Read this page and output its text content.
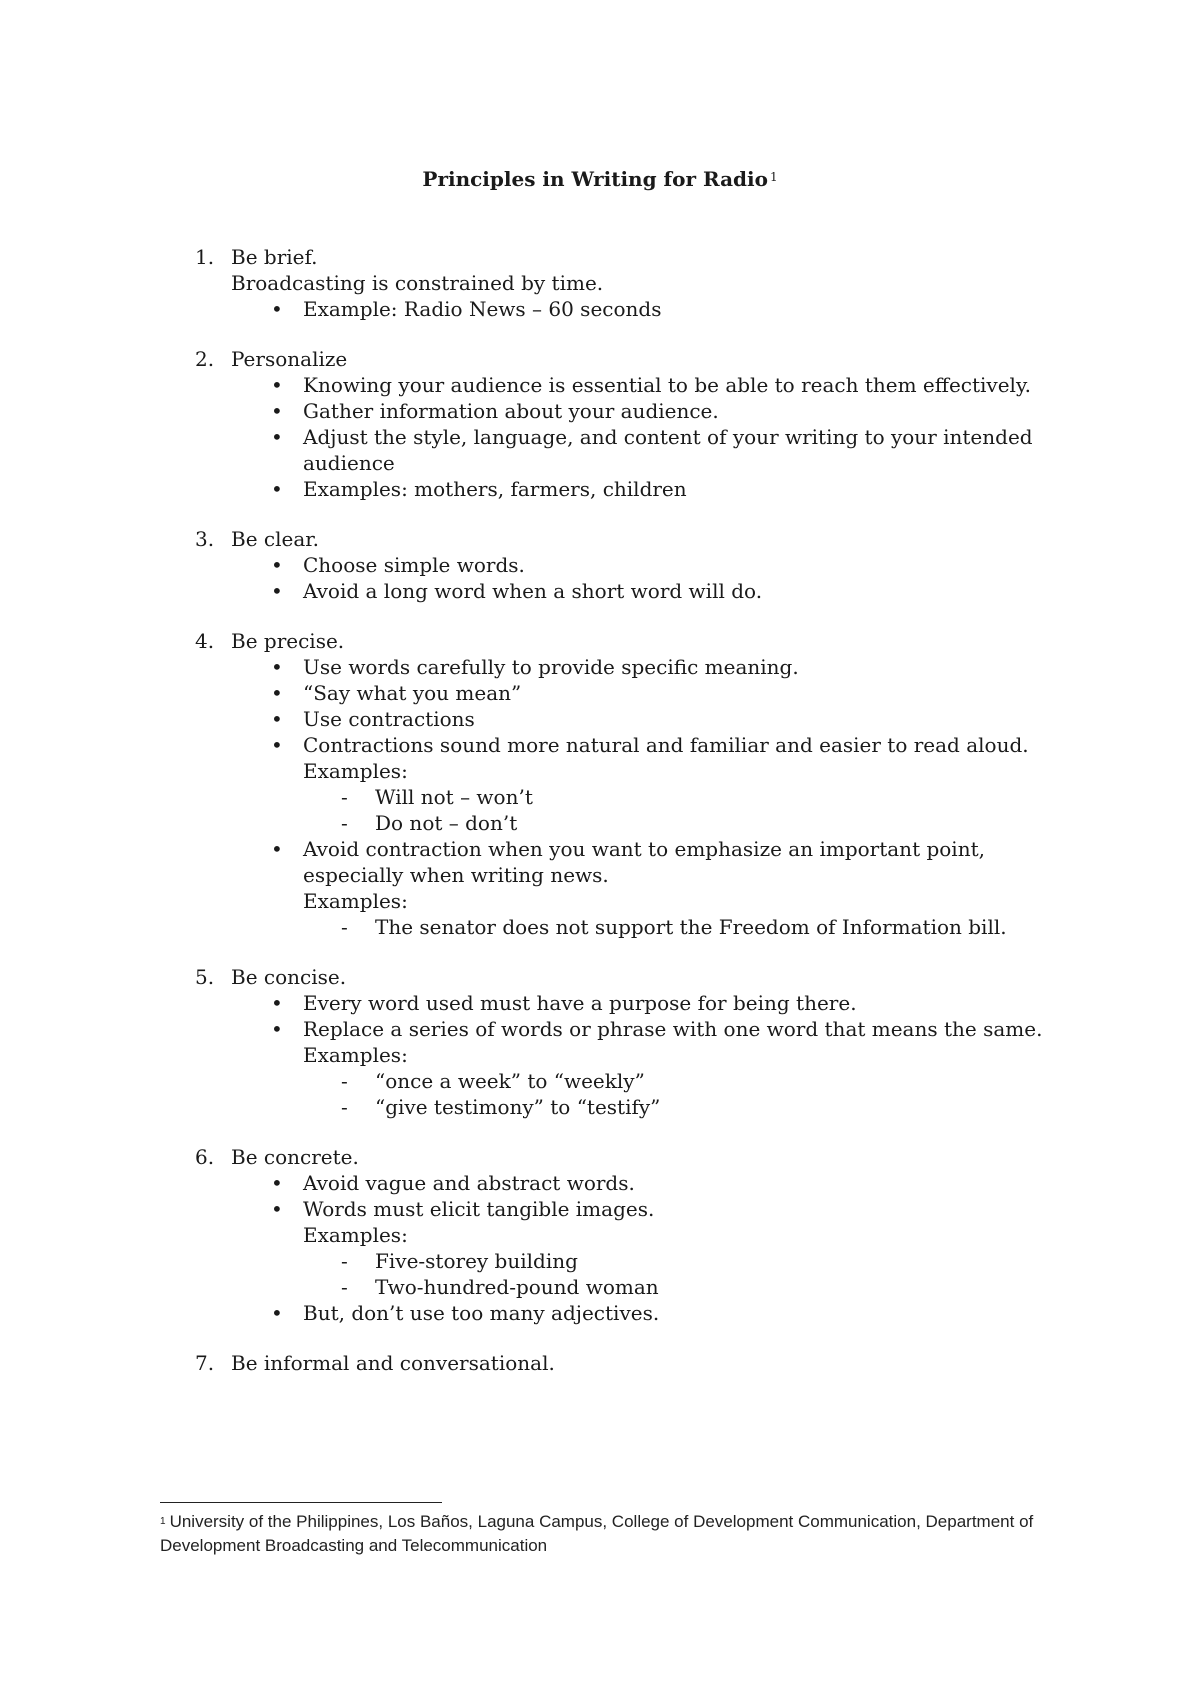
Principles in Writing for Radio $^1$
1. Be brief.
Broadcasting is constrained by time.
• Example: Radio News – 60 seconds
2. Personalize
• Knowing your audience is essential to be able to reach them effectively.
• Gather information about your audience.
• Adjust the style, language, and content of your writing to your intended audience
• Examples: mothers, farmers, children
3. Be clear.
• Choose simple words.
• Avoid a long word when a short word will do.
4. Be precise.
• Use words carefully to provide specific meaning.
• “Say what you mean”
• Use contractions
• Contractions sound more natural and familiar and easier to read aloud.
Examples:
- Will not – won’t
- Do not – don’t
• Avoid contraction when you want to emphasize an important point, especially when writing news.
Examples:
- The senator does not support the Freedom of Information bill.
5. Be concise.
• Every word used must have a purpose for being there.
• Replace a series of words or phrase with one word that means the same.
Examples:
- “once a week” to “weekly”
- “give testimony” to “testify”
6. Be concrete.
• Avoid vague and abstract words.
• Words must elicit tangible images.
Examples:
- Five-storey building
- Two-hundred-pound woman
• But, don’t use too many adjectives.
7. Be informal and conversational.
$^1$ University of the Philippines, Los Baños, Laguna Campus, College of Development Communication, Department of Development Broadcasting and Telecommunication
